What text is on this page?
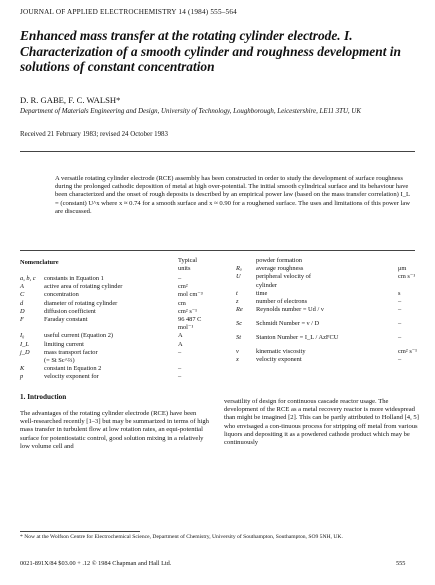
JOURNAL OF APPLIED ELECTROCHEMISTRY 14 (1984) 555–564
Enhanced mass transfer at the rotating cylinder electrode. I. Characterization of a smooth cylinder and roughness development in solutions of constant concentration
D. R. GABE, F. C. WALSH*
Department of Materials Engineering and Design, University of Technology, Loughborough, Leicestershire, LE11 3TU, UK
Received 21 February 1983; revised 24 October 1983

A versatile rotating cylinder electrode (RCE) assembly has been constructed in order to study the development of surface roughness during the prolonged cathodic deposition of metal at high over-potential. The initial smooth cylindrical surface and its behaviour have been characterized and the onset of rough deposits is described by an empirical power law (based on the mass transfer correlation) I_L = (constant) U^x where x ≈ 0.74 for a smooth surface and x ≈ 0.90 for a roughened surface. The uses and limitations of this power law are discussed.

Nomenclature	Typical
units
a, b, c constants in Equation 1	–
A	active area of rotating cylinder	cm²
C	concentration	mol cm⁻³
d	diameter of rotating cylinder	cm
D	diffusion coefficient	cm² s⁻¹
F	Faraday constant	96 487 C
mol⁻¹
I₀	useful current (Equation 2)	A
I_L limiting current	A
j_D mass transport factor	–
(= St Sc^⅔)
K	constant in Equation 2	–
p	velocity exponent for	–
powder formation
Rₐ average roughness	μm
U peripheral velocity of	cm s⁻¹
cylinder
t	time	s
z	number of electrons	–
Re Reynolds number = Ud / ν	–
Sc Schmidt Number = ν / D	–
St Stanton Number = I_L / AzFCU	–
ν	kinematic viscosity	cm² s⁻¹
x	velocity exponent	–
1. Introduction

The advantages of the rotating cylinder electrode (RCE) have been well-researched recently [1–3] but may be summarized in terms of high mass transfer in turbulent flow at low rotation rates, an equi-potential surface for potentiostatic control, good solution mixing in a relatively low volume cell and

versatility of design for continuous cascade reactor usage. The development of the RCE as a metal recovery reactor is more widespread than might be imagined [2]. This can be partly attributed to Holland [4, 5] who envisaged a con-tinuous process for stripping off metal from various liquors and depositing it as a powdered cathode product which may be continuously

* Now at the Wolfson Centre for Electrochemical Science, Department of Chemistry, University of Southampton, Southampton, SO9 5NH, UK.
0021-891X/84 $03.00 + .12 © 1984 Chapman and Hall Ltd.	555
